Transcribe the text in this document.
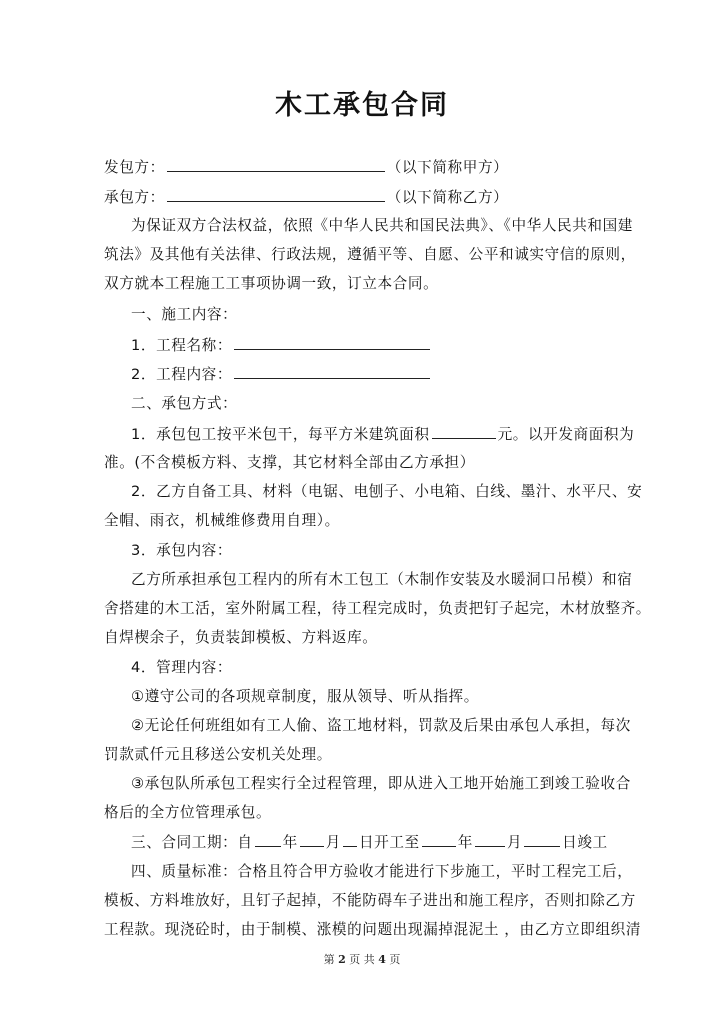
木工承包合同
发包方：	（以下简称甲方）
承包方：	（以下简称乙方）
为保证双方合法权益，依照《中华人民共和国民法典》、《中华人民共和国建
筑法》及其他有关法律、行政法规，遵循平等、自愿、公平和诚实守信的原则，
双方就本工程施工工事项协调一致，订立本合同。
一、施工内容：
1．工程名称：
2．工程内容：
二、承包方式：
1．承包包工按平米包干，每平方米建筑面积	元。以开发商面积为
准。(不含模板方料、支撑，其它材料全部由乙方承担）
2．乙方自备工具、材料（电锯、电刨子、小电箱、白线、墨汁、水平尺、安
全帽、雨衣，机械维修费用自理）。
3．承包内容：
乙方所承担承包工程内的所有木工包工（木制作安装及水暖洞口吊模）和宿
舍搭建的木工活，室外附属工程，待工程完成时，负责把钉子起完，木材放整齐。
自焊楔余子，负责装卸模板、方料返库。
4．管理内容：
①遵守公司的各项规章制度，服从领导、听从指挥。
②无论任何班组如有工人偷、盗工地材料，罚款及后果由承包人承担，每次
罚款贰仟元且移送公安机关处理。
③承包队所承包工程实行全过程管理，即从进入工地开始施工到竣工验收合
格后的全方位管理承包。
三、合同工期：自 年 月 日开工至	年 月	日竣工
四、质量标准：合格且符合甲方验收才能进行下步施工，平时工程完工后，
模板、方料堆放好，且钉子起掉，不能防碍车子进出和施工程序，否则扣除乙方
工程款。现浇砼时，由于制模、涨模的问题出现漏掉混泥土 ，由乙方立即组织清
第 2 页 共 4 页
